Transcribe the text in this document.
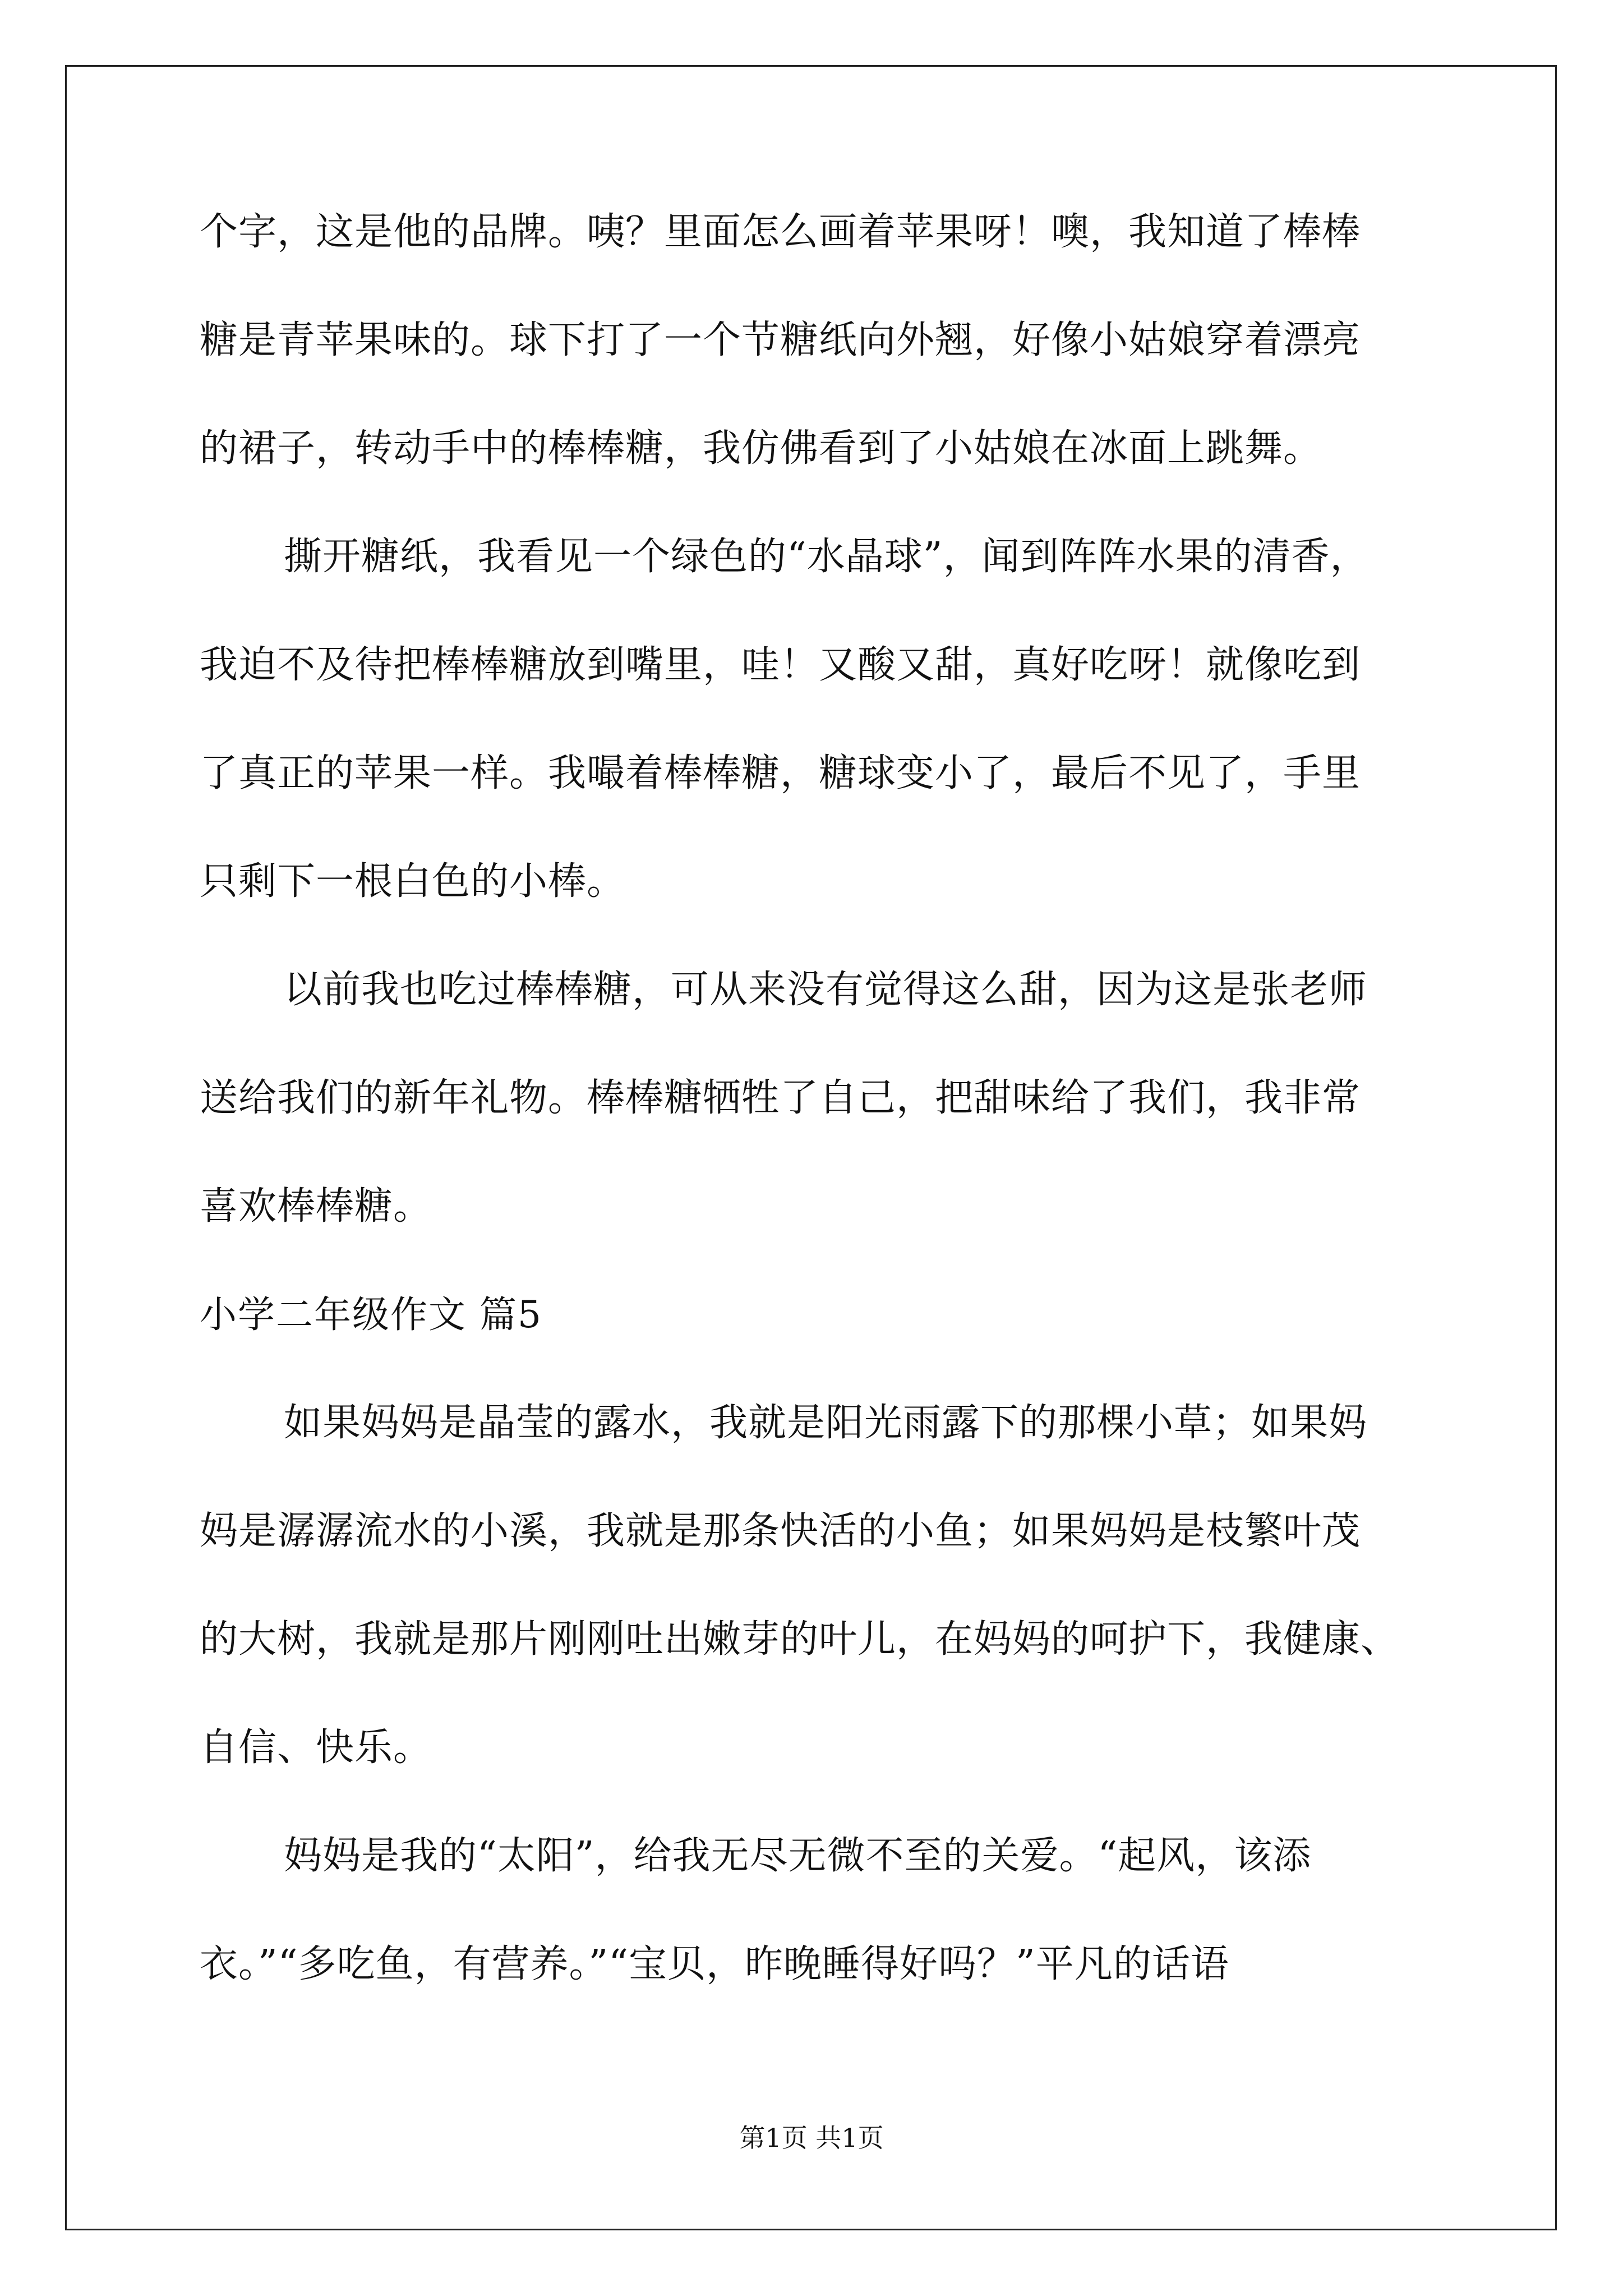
个字，这是他的品牌。咦？里面怎么画着苹果呀！噢，我知道了棒棒
糖是青苹果味的。球下打了一个节糖纸向外翘，好像小姑娘穿着漂亮
的裙子，转动手中的棒棒糖，我仿佛看到了小姑娘在冰面上跳舞。
撕开糖纸，我看见一个绿色的“水晶球”，闻到阵阵水果的清香，
我迫不及待把棒棒糖放到嘴里，哇！又酸又甜，真好吃呀！就像吃到
了真正的苹果一样。我嘬着棒棒糖，糖球变小了，最后不见了，手里
只剩下一根白色的小棒。
以前我也吃过棒棒糖，可从来没有觉得这么甜，因为这是张老师
送给我们的新年礼物。棒棒糖牺牲了自己，把甜味给了我们，我非常
喜欢棒棒糖。
小学二年级作文 篇5
如果妈妈是晶莹的露水，我就是阳光雨露下的那棵小草；如果妈
妈是潺潺流水的小溪，我就是那条快活的小鱼；如果妈妈是枝繁叶茂
的大树，我就是那片刚刚吐出嫩芽的叶儿，在妈妈的呵护下，我健康、
自信、快乐。
妈妈是我的“太阳”，给我无尽无微不至的关爱。“起风，该添
衣。”“多吃鱼，有营养。”“宝贝，昨晚睡得好吗？”平凡的话语
第1页 共1页
